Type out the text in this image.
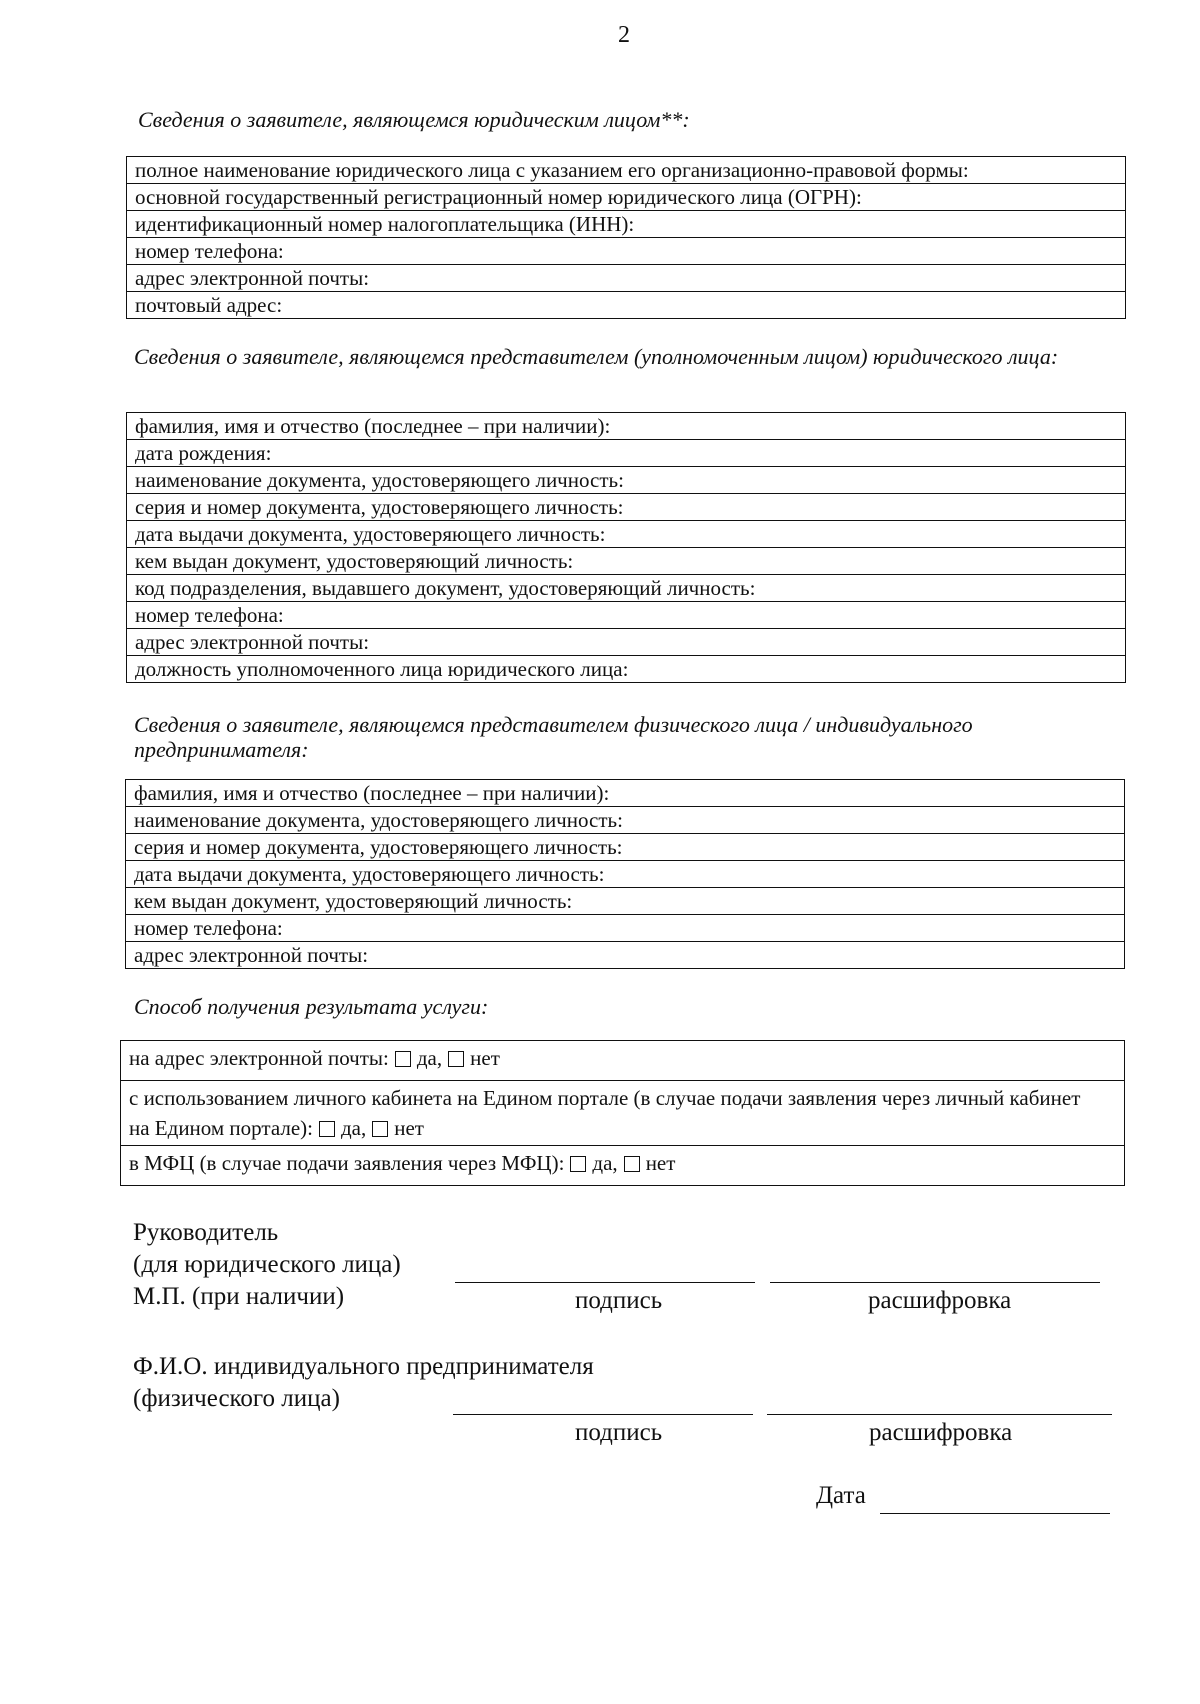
2
Сведения о заявителе, являющемся юридическим лицом**:
полное наименование юридического лица с указанием его организационно-правовой формы:
основной государственный регистрационный номер юридического лица (ОГРН):
идентификационный номер налогоплательщика (ИНН):
номер телефона:
адрес электронной почты:
почтовый адрес:
Сведения о заявителе, являющемся представителем (уполномоченным лицом) юридического лица:
фамилия, имя и отчество (последнее – при наличии):
дата рождения:
наименование документа, удостоверяющего личность:
серия и номер документа, удостоверяющего личность:
дата выдачи документа, удостоверяющего личность:
кем выдан документ, удостоверяющий личность:
код подразделения, выдавшего документ, удостоверяющий личность:
номер телефона:
адрес электронной почты:
должность уполномоченного лица юридического лица:
Сведения о заявителе, являющемся представителем физического лица / индивидуального предпринимателя:
фамилия, имя и отчество (последнее – при наличии):
наименование документа, удостоверяющего личность:
серия и номер документа, удостоверяющего личность:
дата выдачи документа, удостоверяющего личность:
кем выдан документ, удостоверяющий личность:
номер телефона:
адрес электронной почты:
Способ получения результата услуги:
на адрес электронной почты: да, нет
с использованием личного кабинета на Едином портале (в случае подачи заявления через личный кабинет на Едином портале): да, нет
в МФЦ (в случае подачи заявления через МФЦ): да, нет
Руководитель
(для юридического лица)
М.П. (при наличии)	подпись	расшифровка
Ф.И.О. индивидуального предпринимателя
(физического лица)
подпись	расшифровка
Дата
